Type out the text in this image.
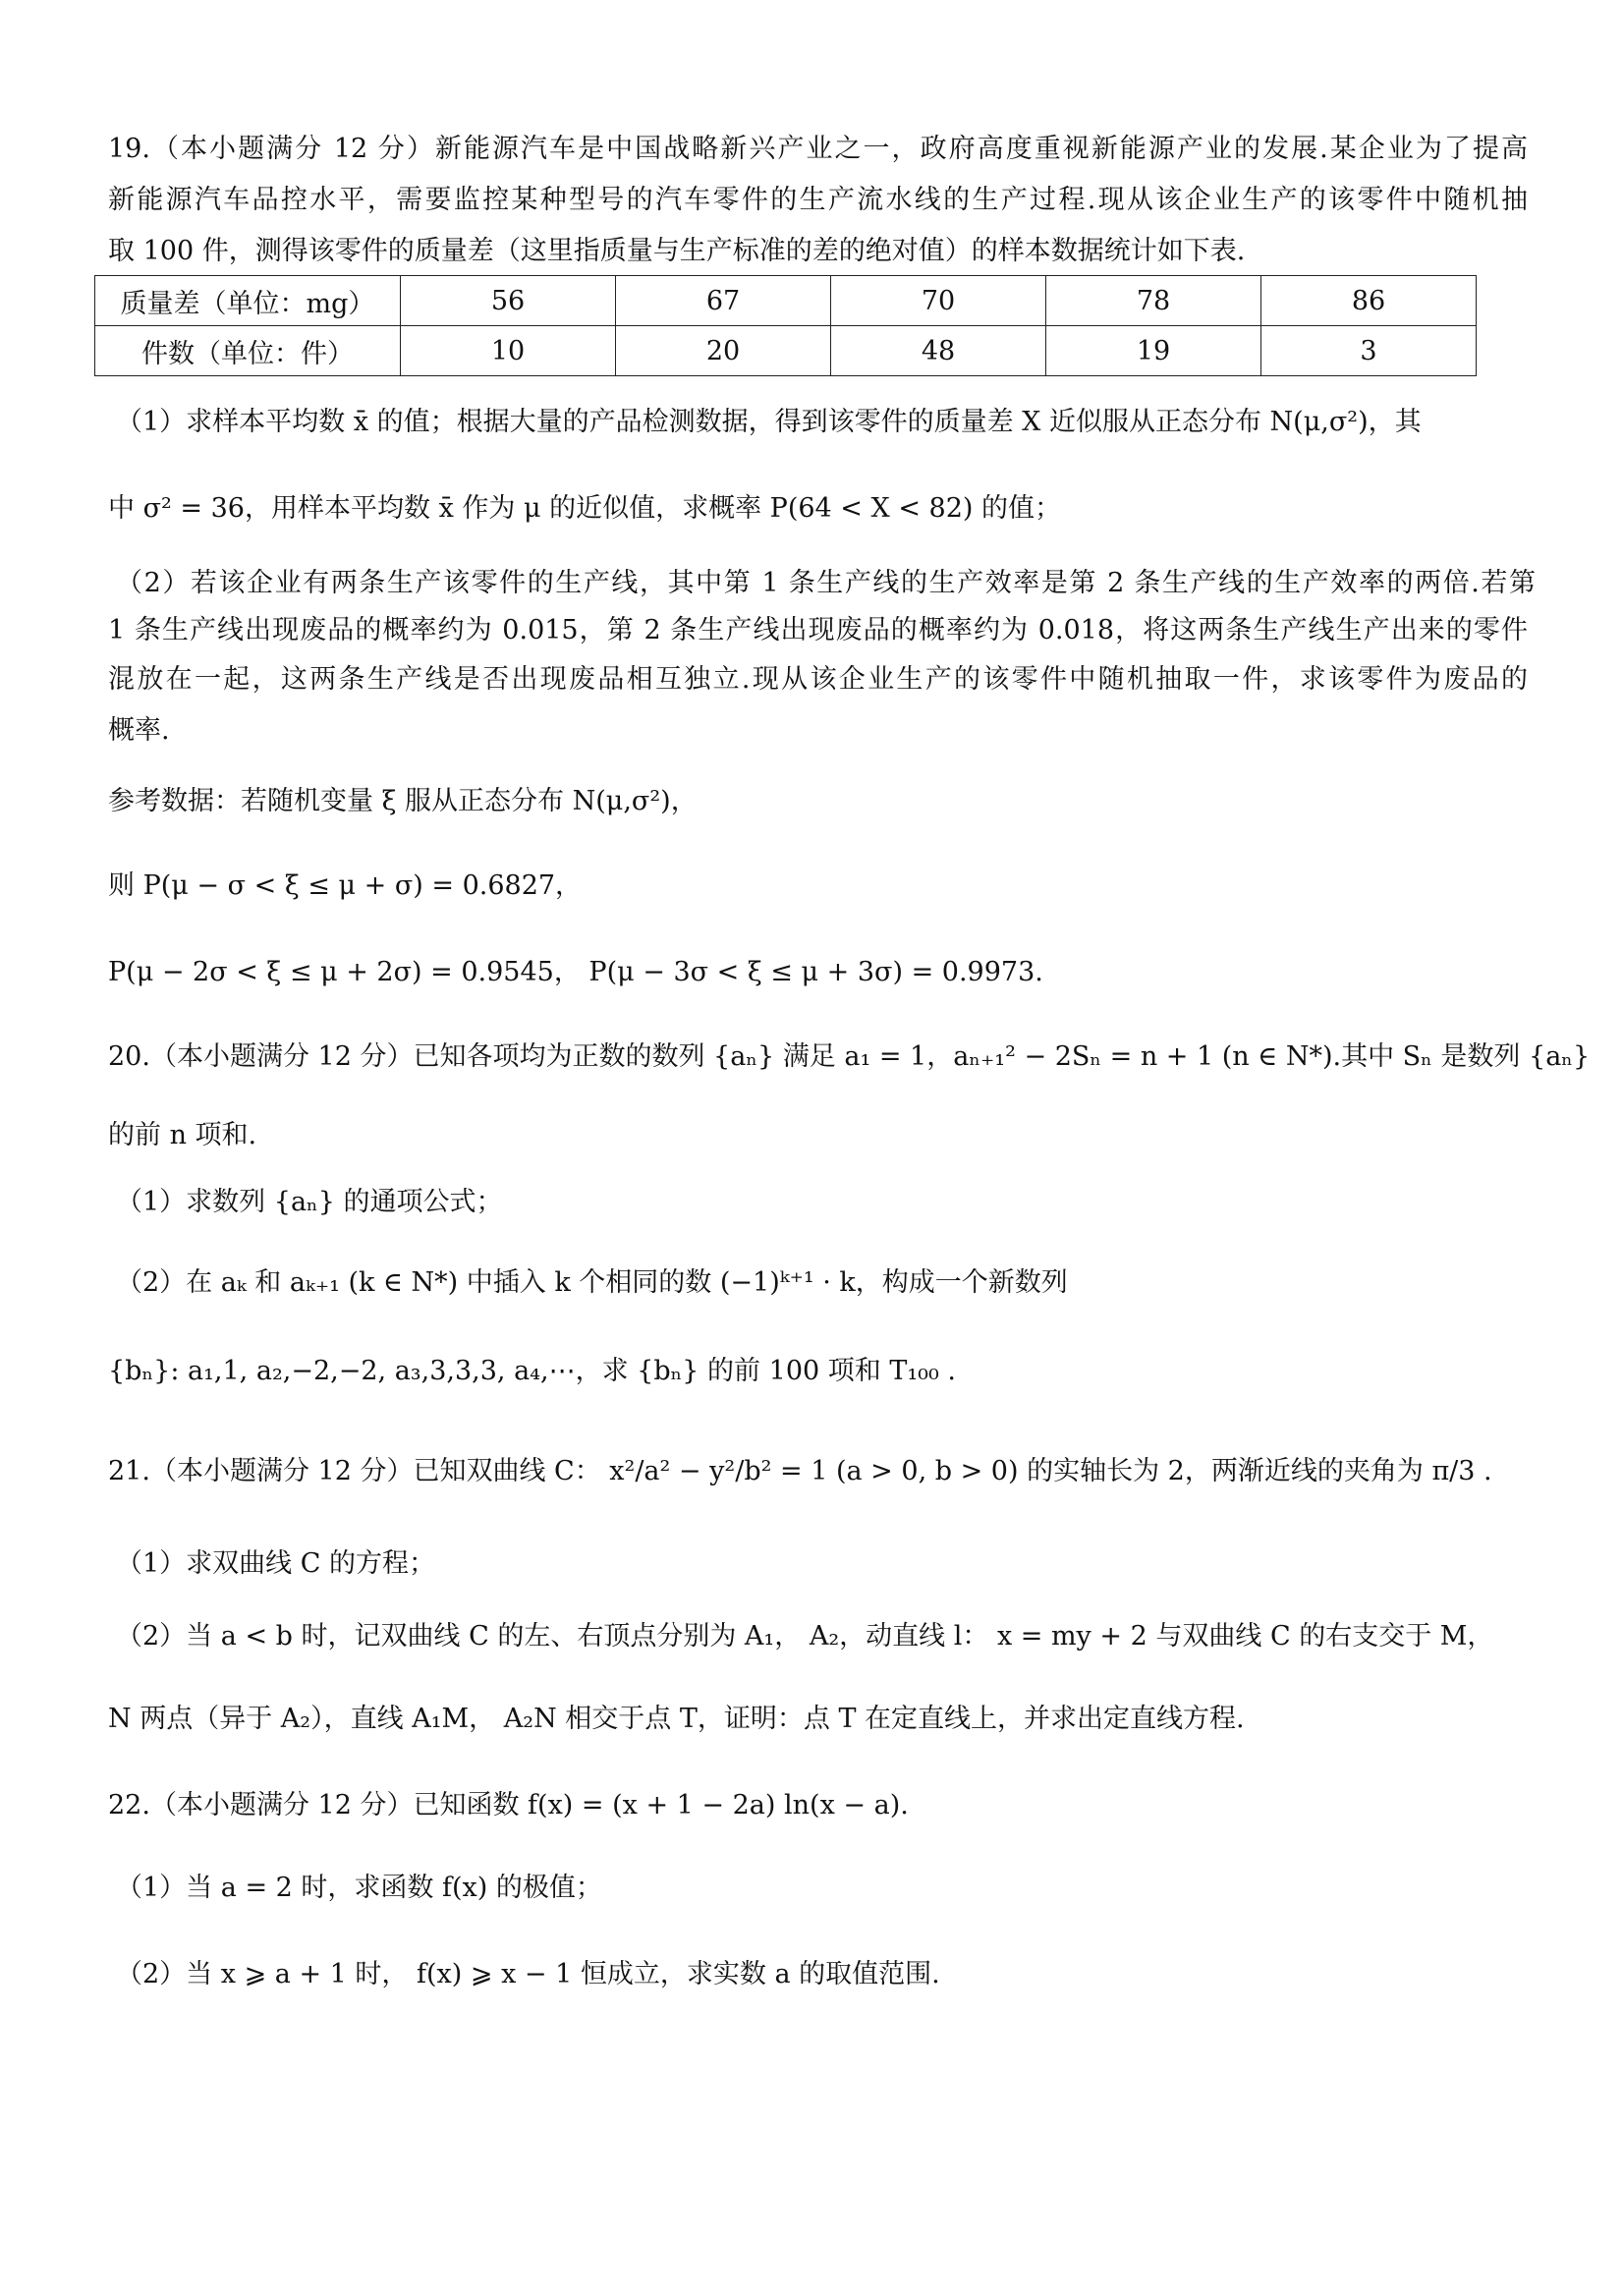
19.（本小题满分 12 分）新能源汽车是中国战略新兴产业之一，政府高度重视新能源产业的发展.某企业为了提高
新能源汽车品控水平，需要监控某种型号的汽车零件的生产流水线的生产过程.现从该企业生产的该零件中随机抽
取 100 件，测得该零件的质量差（这里指质量与生产标准的差的绝对值）的样本数据统计如下表.
质量差（单位：mg）	56	67	70	78	86
件数（单位：件）	10	20	48	19	3
（1）求样本平均数 x̄ 的值；根据大量的产品检测数据，得到该零件的质量差 X 近似服从正态分布 N(μ,σ²)，其
中 σ² = 36，用样本平均数 x̄ 作为 μ 的近似值，求概率 P(64 < X < 82) 的值；
（2）若该企业有两条生产该零件的生产线，其中第 1 条生产线的生产效率是第 2 条生产线的生产效率的两倍.若第
1 条生产线出现废品的概率约为 0.015，第 2 条生产线出现废品的概率约为 0.018，将这两条生产线生产出来的零件
混放在一起，这两条生产线是否出现废品相互独立.现从该企业生产的该零件中随机抽取一件，求该零件为废品的
概率.
参考数据：若随机变量 ξ 服从正态分布 N(μ,σ²)，
则 P(μ − σ < ξ ≤ μ + σ) = 0.6827，
P(μ − 2σ < ξ ≤ μ + 2σ) = 0.9545， P(μ − 3σ < ξ ≤ μ + 3σ) = 0.9973.
20.（本小题满分 12 分）已知各项均为正数的数列 {aₙ} 满足 a₁ = 1，aₙ₊₁² − 2Sₙ = n + 1 (n ∈ N*).其中 Sₙ 是数列 {aₙ}
的前 n 项和.
（1）求数列 {aₙ} 的通项公式；
（2）在 aₖ 和 aₖ₊₁ (k ∈ N*) 中插入 k 个相同的数 (−1)ᵏ⁺¹ · k，构成一个新数列
{bₙ}: a₁,1, a₂,−2,−2, a₃,3,3,3, a₄,⋯，求 {bₙ} 的前 100 项和 T₁₀₀ .
21.（本小题满分 12 分）已知双曲线 C： x²/a² − y²/b² = 1 (a > 0, b > 0) 的实轴长为 2，两渐近线的夹角为 π/3 .
（1）求双曲线 C 的方程；
（2）当 a < b 时，记双曲线 C 的左、右顶点分别为 A₁， A₂，动直线 l： x = my + 2 与双曲线 C 的右支交于 M，
N 两点（异于 A₂），直线 A₁M， A₂N 相交于点 T，证明：点 T 在定直线上，并求出定直线方程.
22.（本小题满分 12 分）已知函数 f(x) = (x + 1 − 2a) ln(x − a).
（1）当 a = 2 时，求函数 f(x) 的极值；
（2）当 x ⩾ a + 1 时， f(x) ⩾ x − 1 恒成立，求实数 a 的取值范围.
